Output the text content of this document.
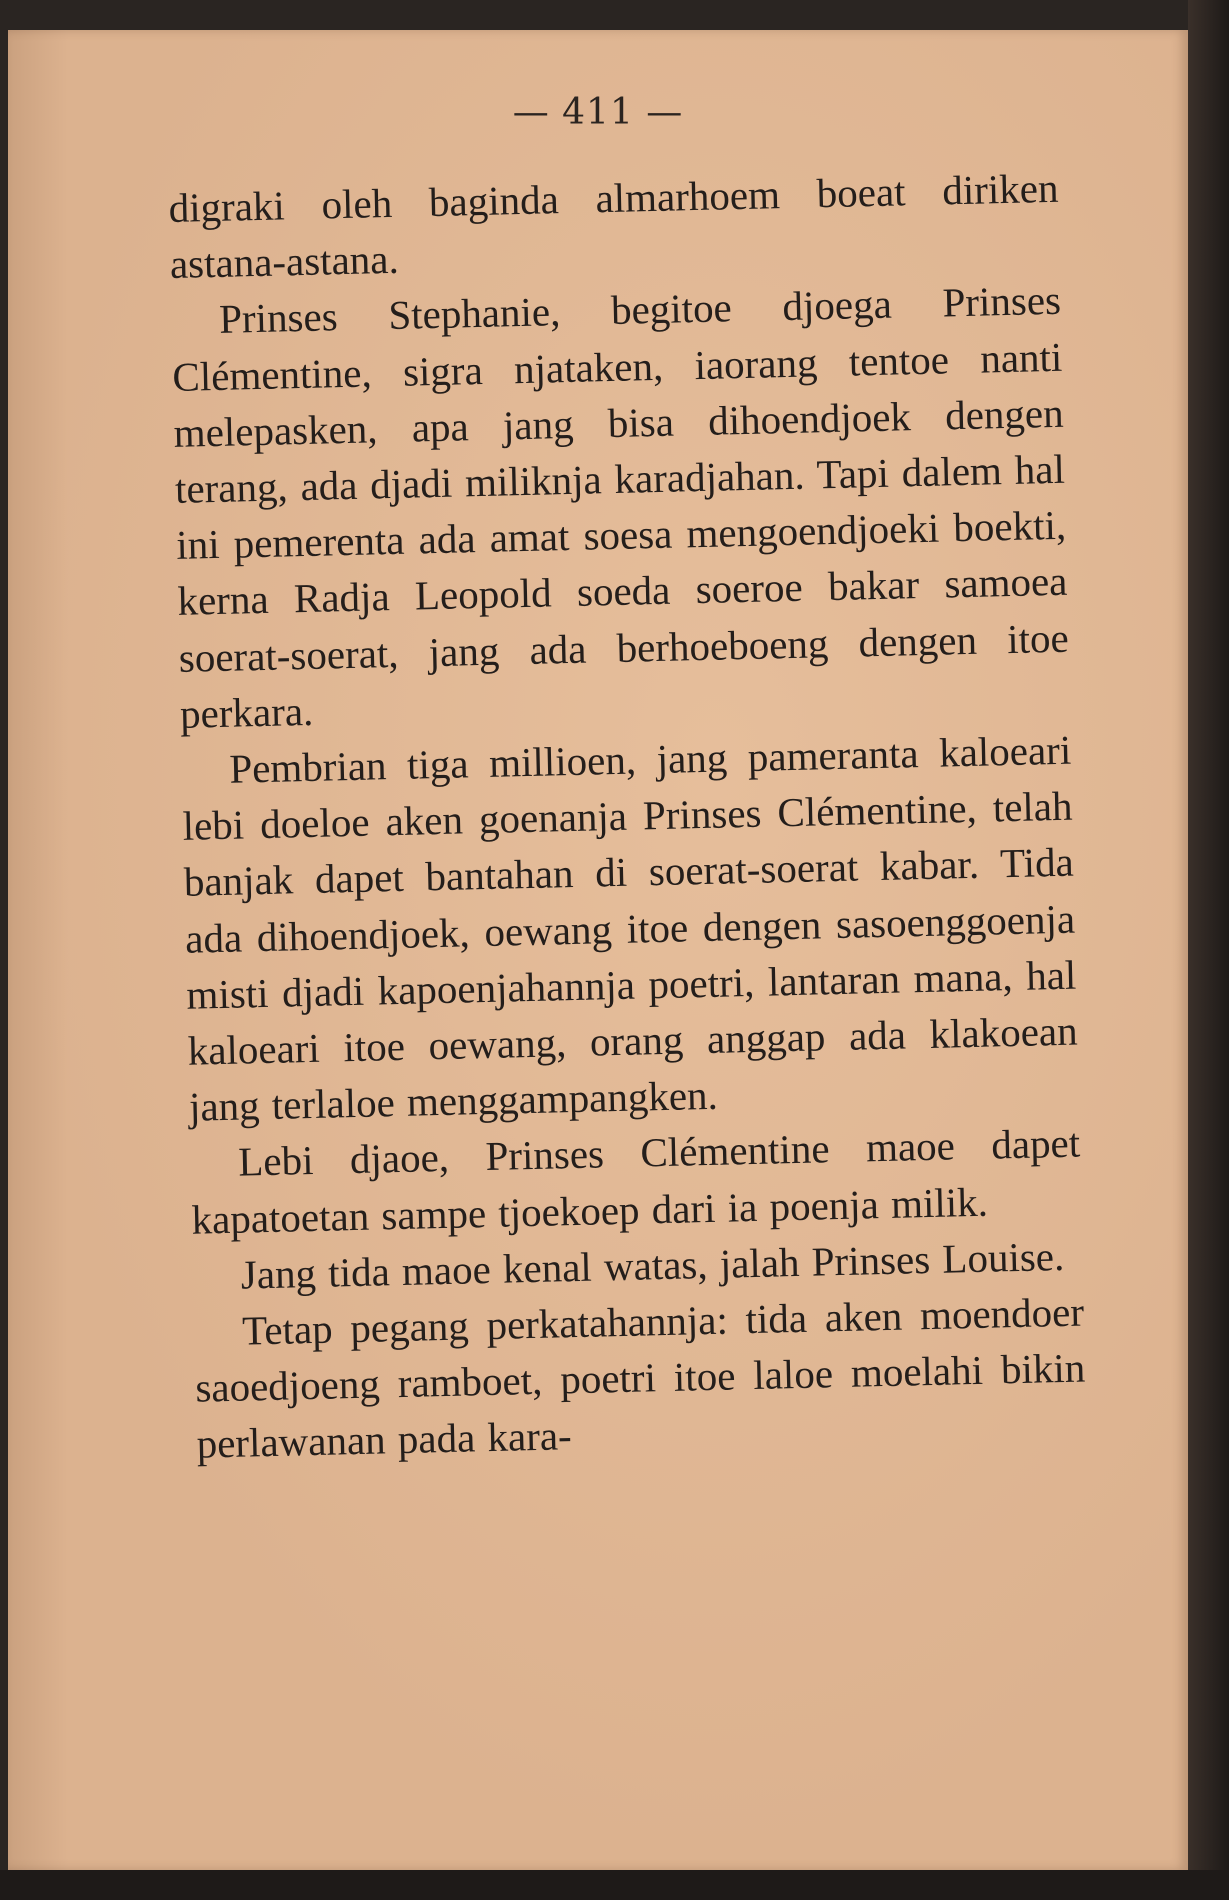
— 411 —

digraki oleh baginda almarhoem boeat diriken astana-astana.

Prinses Stephanie, begitoe djoega Prinses Clémentine, sigra njataken, iaorang tentoe nanti melepasken, apa jang bisa dihoendjoek dengen terang, ada djadi miliknja karadjahan. Tapi dalem hal ini pemerenta ada amat soesa mengoendjoeki boekti, kerna Radja Leopold soeda soeroe bakar samoea soerat-soerat, jang ada berhoeboeng dengen itoe perkara.

Pembrian tiga millioen, jang pameranta kaloeari lebi doeloe aken goenanja Prinses Clémentine, telah banjak dapet bantahan di soerat-soerat kabar. Tida ada dihoendjoek, oewang itoe dengen sasoenggoenja misti djadi kapoenjahannja poetri, lantaran mana, hal kaloeari itoe oewang, orang anggap ada klakoean jang terlaloe menggampangken.

Lebi djaoe, Prinses Clémentine maoe dapet kapatoetan sampe tjoekoep dari ia poenja milik.

Jang tida maoe kenal watas, jalah Prinses Louise.

Tetap pegang perkatahannja: tida aken moendoer saoedjoeng ramboet, poetri itoe laloe moelahi bikin perlawanan pada kara-
